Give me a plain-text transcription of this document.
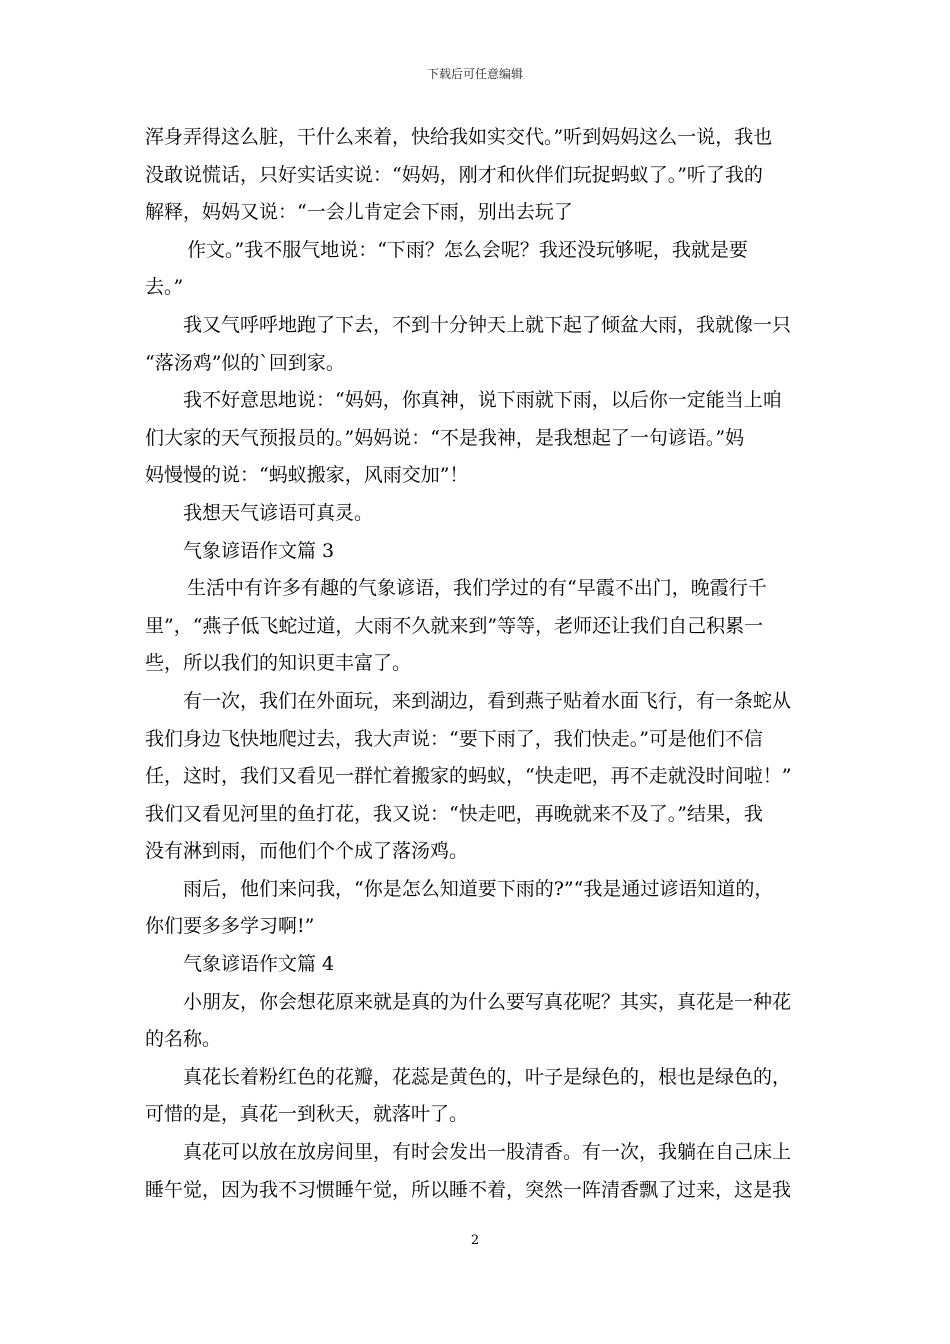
下载后可任意编辑
浑身弄得这么脏，干什么来着，快给我如实交代。”听到妈妈这么一说，我也
没敢说慌话，只好实话实说：“妈妈，刚才和伙伴们玩捉蚂蚁了。”听了我的
解释，妈妈又说：“一会儿肯定会下雨，别出去玩了
作文。”我不服气地说：“下雨？怎么会呢？我还没玩够呢，我就是要
去。”
我又气呼呼地跑了下去，不到十分钟天上就下起了倾盆大雨，我就像一只
“落汤鸡”似的`回到家。
我不好意思地说：“妈妈，你真神，说下雨就下雨，以后你一定能当上咱
们大家的天气预报员的。”妈妈说：“不是我神，是我想起了一句谚语。”妈
妈慢慢的说：“蚂蚁搬家，风雨交加”！
我想天气谚语可真灵。
气象谚语作文篇 3
生活中有许多有趣的气象谚语，我们学过的有“早霞不出门，晚霞行千
里”，“燕子低飞蛇过道，大雨不久就来到”等等，老师还让我们自己积累一
些，所以我们的知识更丰富了。
有一次，我们在外面玩，来到湖边，看到燕子贴着水面飞行，有一条蛇从
我们身边飞快地爬过去，我大声说：“要下雨了，我们快走。”可是他们不信
任，这时，我们又看见一群忙着搬家的蚂蚁，“快走吧，再不走就没时间啦！”
我们又看见河里的鱼打花，我又说：“快走吧，再晚就来不及了。”结果，我
没有淋到雨，而他们个个成了落汤鸡。
雨后，他们来问我，“你是怎么知道要下雨的?”“我是通过谚语知道的，
你们要多多学习啊!”
气象谚语作文篇 4
小朋友，你会想花原来就是真的为什么要写真花呢？其实，真花是一种花
的名称。
真花长着粉红色的花瓣，花蕊是黄色的，叶子是绿色的，根也是绿色的，
可惜的是，真花一到秋天，就落叶了。
真花可以放在放房间里，有时会发出一股清香。有一次，我躺在自己床上
睡午觉，因为我不习惯睡午觉，所以睡不着，突然一阵清香飘了过来，这是我
2
